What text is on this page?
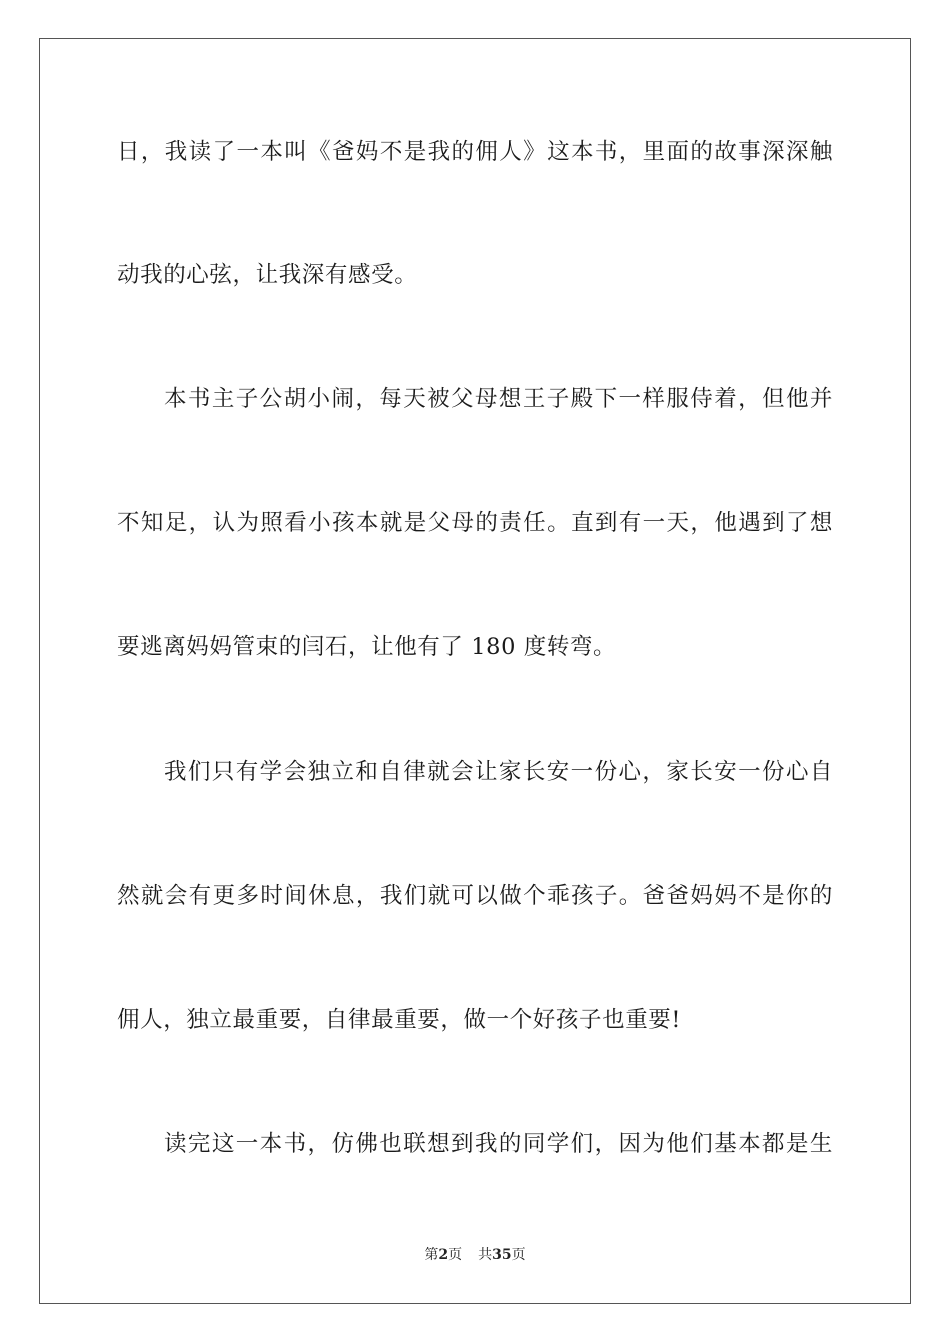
日，我读了一本叫《爸妈不是我的佣人》这本书，里面的故事深深触
动我的心弦，让我深有感受。
本书主子公胡小闹，每天被父母想王子殿下一样服侍着，但他并
不知足，认为照看小孩本就是父母的责任。直到有一天，他遇到了想
要逃离妈妈管束的闫石，让他有了 180 度转弯。
我们只有学会独立和自律就会让家长安一份心，家长安一份心自
然就会有更多时间休息，我们就可以做个乖孩子。爸爸妈妈不是你的
佣人，独立最重要，自律最重要，做一个好孩子也重要!
读完这一本书，仿佛也联想到我的同学们，因为他们基本都是生
第2页 共35页
